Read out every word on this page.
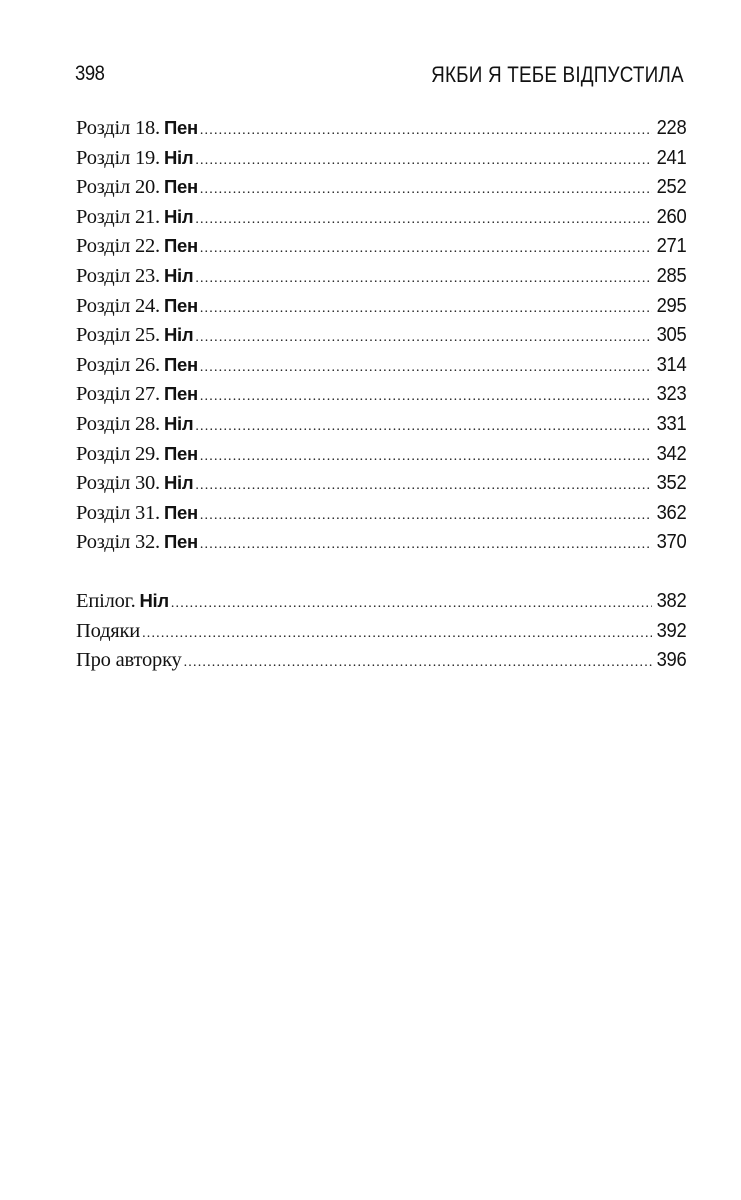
398	ЯКБИ Я ТЕБЕ ВІДПУСТИЛА
Розділ 18. Пен .....	228
Розділ 19. Ніл .....	241
Розділ 20. Пен .....	252
Розділ 21. Ніл .....	260
Розділ 22. Пен .....	271
Розділ 23. Ніл .....	285
Розділ 24. Пен .....	295
Розділ 25. Ніл .....	305
Розділ 26. Пен .....	314
Розділ 27. Пен .....	323
Розділ 28. Ніл .....	331
Розділ 29. Пен .....	342
Розділ 30. Ніл .....	352
Розділ 31. Пен .....	362
Розділ 32. Пен .....	370
Епілог. Ніл .....	382
Подяки .....	392
Про авторку .....	396
